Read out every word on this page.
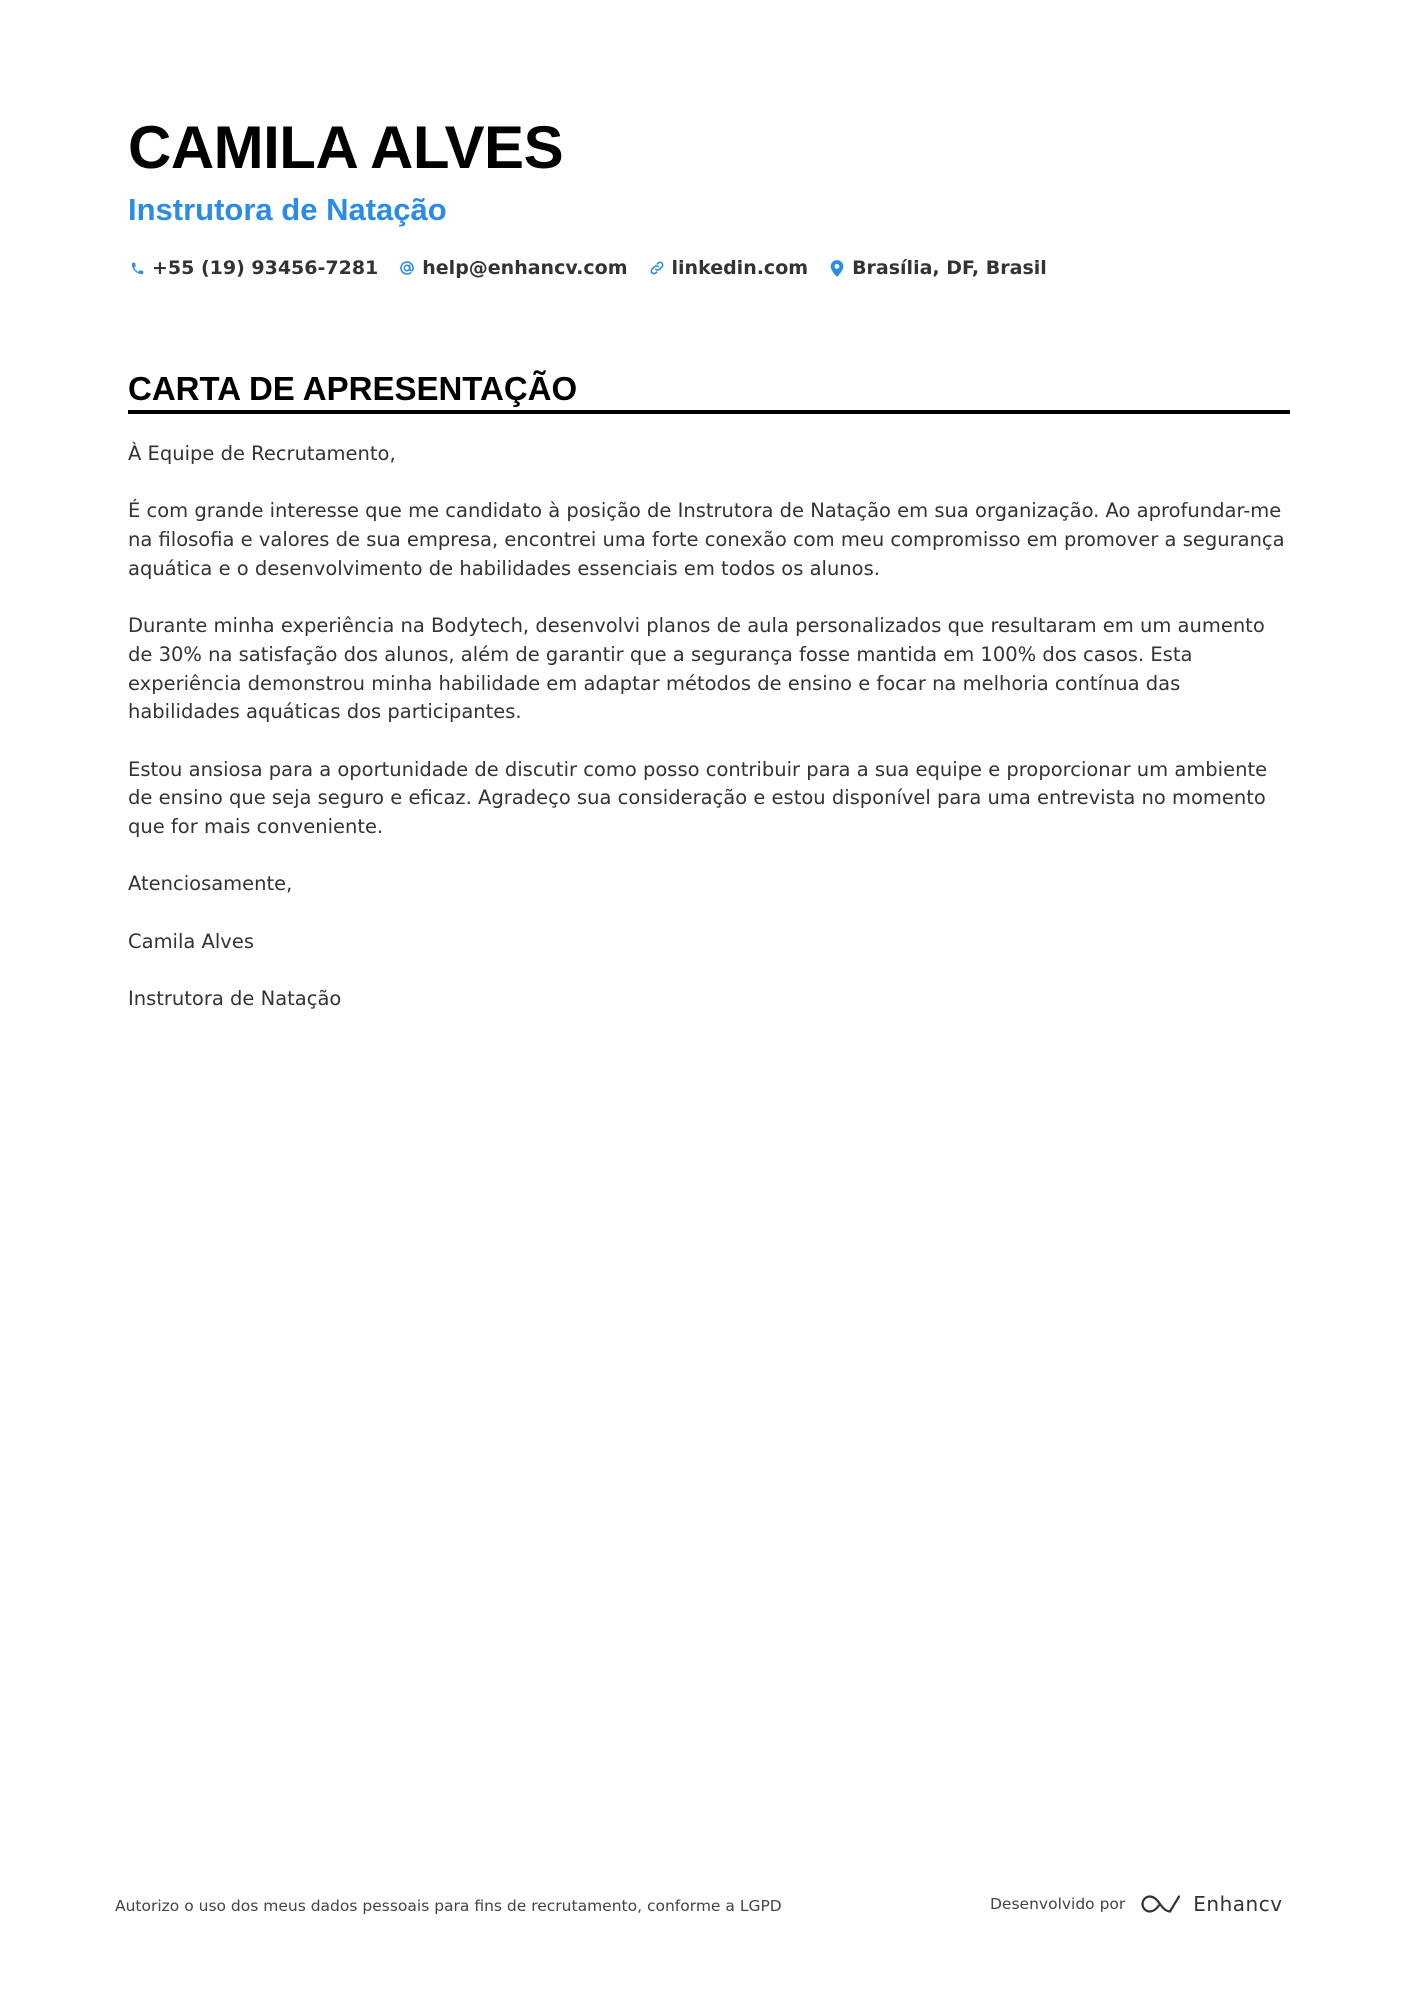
CAMILA ALVES
Instrutora de Natação
+55 (19) 93456-7281 help@enhancv.com linkedin.com Brasília, DF, Brasil
CARTA DE APRESENTAÇÃO

À Equipe de Recrutamento,

É com grande interesse que me candidato à posição de Instrutora de Natação em sua organização. Ao aprofundar-me na filosofia e valores de sua empresa, encontrei uma forte conexão com meu compromisso em promover a segurança aquática e o desenvolvimento de habilidades essenciais em todos os alunos.

Durante minha experiência na Bodytech, desenvolvi planos de aula personalizados que resultaram em um aumento de 30% na satisfação dos alunos, além de garantir que a segurança fosse mantida em 100% dos casos. Esta experiência demonstrou minha habilidade em adaptar métodos de ensino e focar na melhoria contínua das habilidades aquáticas dos participantes.

Estou ansiosa para a oportunidade de discutir como posso contribuir para a sua equipe e proporcionar um ambiente de ensino que seja seguro e eficaz. Agradeço sua consideração e estou disponível para uma entrevista no momento que for mais conveniente.

Atenciosamente,

Camila Alves

Instrutora de Natação

Autorizo o uso dos meus dados pessoais para fins de recrutamento, conforme a LGPD	Desenvolvido por	Enhancv
